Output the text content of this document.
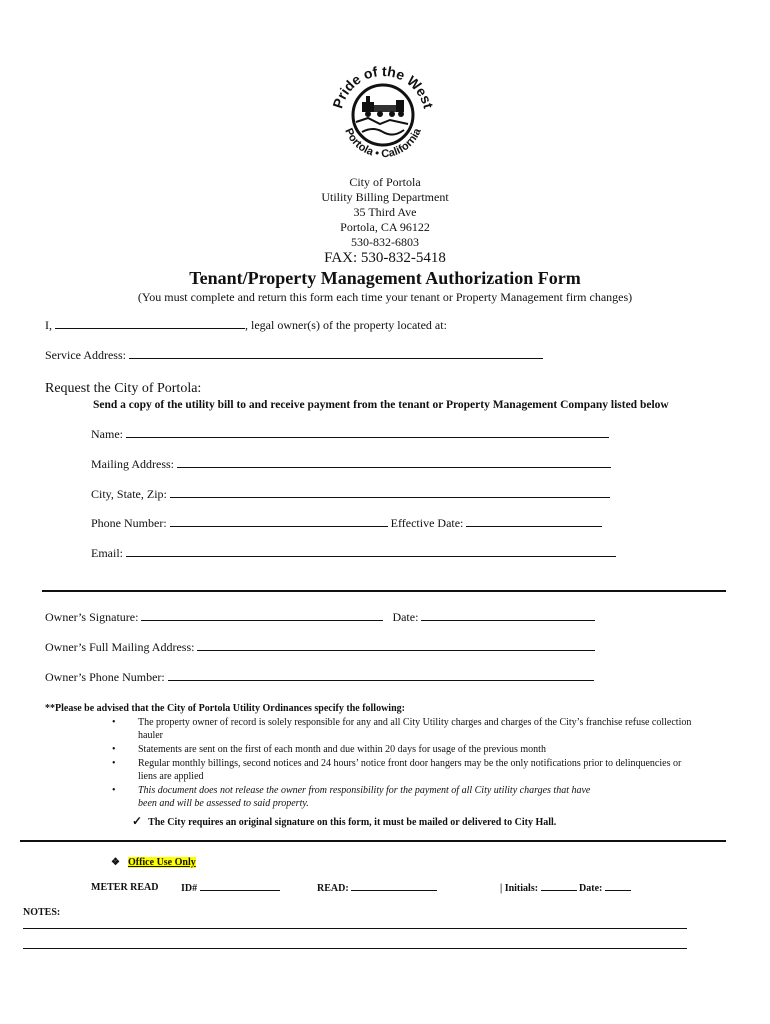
Pride of the West
Portola • California
City of Portola
Utility Billing Department
35 Third Ave
Portola, CA 96122
530-832-6803
FAX: 530-832-5418
Tenant/Property Management Authorization Form
(You must complete and return this form each time your tenant or Property Management firm changes)
I,	, legal owner(s) of the property located at:
Service Address:
Request the City of Portola:
Send a copy of the utility bill to and receive payment from the tenant or Property Management Company listed below
Name:
Mailing Address:
City, State, Zip:
Phone Number:	Effective Date:
Email:
Owner’s Signature:	Date:
Owner’s Full Mailing Address:
Owner’s Phone Number:
**Please be advised that the City of Portola Utility Ordinances specify the following:
• The property owner of record is solely responsible for any and all City Utility charges and charges of the City’s franchise refuse collection hauler
• Statements are sent on the first of each month and due within 20 days for usage of the previous month
• Regular monthly billings, second notices and 24 hours’ notice front door hangers may be the only notifications prior to delinquencies or liens are applied
• This document does not release the owner from responsibility for the payment of all City utility charges that have been and will be assessed to said property.
✓ The City requires an original signature on this form, it must be mailed or delivered to City Hall.
❖ Office Use Only
METER READ ID#	READ:	| Initials:	Date:
NOTES:
